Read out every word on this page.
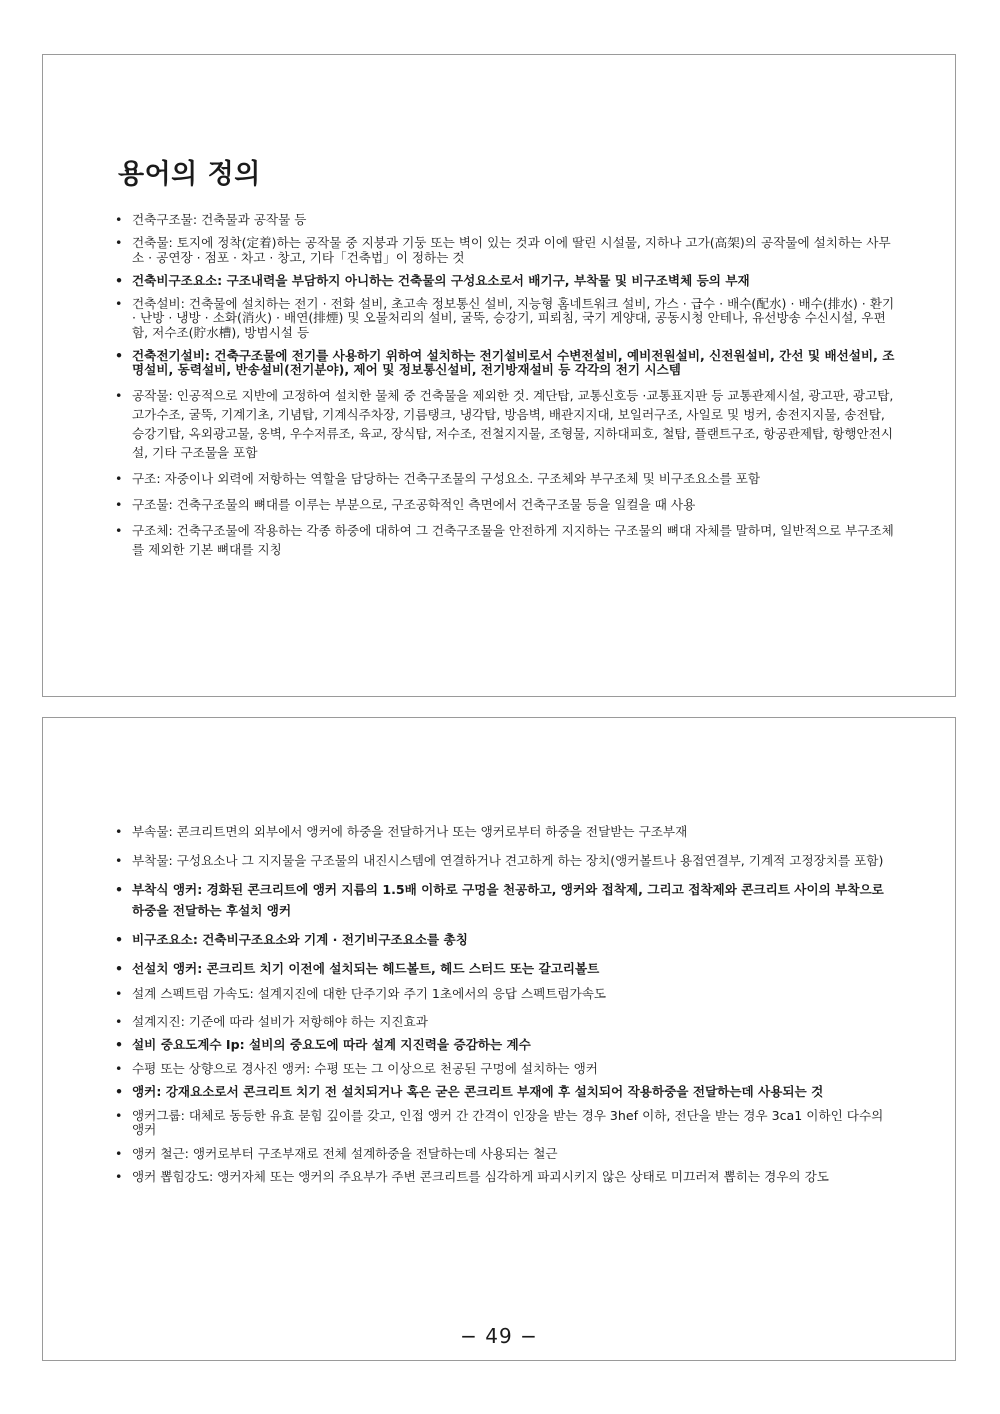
용어의 정의
• 건축구조물: 건축물과 공작물 등
• 건축물: 토지에 정착(定着)하는 공작물 중 지붕과 기둥 또는 벽이 있는 것과 이에 딸린 시설물, 지하나 고가(高架)의 공작물에 설치하는 사무소 · 공연장 · 점포 · 차고 · 창고, 기타「건축법」이 정하는 것
• 건축비구조요소: 구조내력을 부담하지 아니하는 건축물의 구성요소로서 배기구, 부착물 및 비구조벽체 등의 부재
• 건축설비: 건축물에 설치하는 전기 · 전화 설비, 초고속 정보통신 설비, 지능형 홈네트워크 설비, 가스 · 급수 · 배수(配水) · 배수(排水) · 환기 · 난방 · 냉방 · 소화(消火) · 배연(排煙) 및 오물처리의 설비, 굴뚝, 승강기, 피뢰침, 국기 게양대, 공동시청 안테나, 유선방송 수신시설, 우편함, 저수조(貯水槽), 방범시설 등
• 건축전기설비: 건축구조물에 전기를 사용하기 위하여 설치하는 전기설비로서 수변전설비, 예비전원설비, 신전원설비, 간선 및 배선설비, 조명설비, 동력설비, 반송설비(전기분야), 제어 및 정보통신설비, 전기방재설비 등 각각의 전기 시스템
• 공작물: 인공적으로 지반에 고정하여 설치한 물체 중 건축물을 제외한 것. 계단탑, 교통신호등 ·교통표지판 등 교통관제시설, 광고판, 광고탑, 고가수조, 굴뚝, 기계기초, 기념탑, 기계식주차장, 기름탱크, 냉각탑, 방음벽, 배관지지대, 보일러구조, 사일로 및 벙커, 송전지지물, 송전탑, 승강기탑, 옥외광고물, 옹벽, 우수저류조, 육교, 장식탑, 저수조, 전철지지물, 조형물, 지하대피호, 철탑, 플랜트구조, 항공관제탑, 항행안전시설, 기타 구조물을 포함
• 구조: 자중이나 외력에 저항하는 역할을 담당하는 건축구조물의 구성요소. 구조체와 부구조체 및 비구조요소를 포함
• 구조물: 건축구조물의 뼈대를 이루는 부분으로, 구조공학적인 측면에서 건축구조물 등을 일컬을 때 사용
• 구조체: 건축구조물에 작용하는 각종 하중에 대하여 그 건축구조물을 안전하게 지지하는 구조물의 뼈대 자체를 말하며, 일반적으로 부구조체를 제외한 기본 뼈대를 지칭
• 부속물: 콘크리트면의 외부에서 앵커에 하중을 전달하거나 또는 앵커로부터 하중을 전달받는 구조부재
• 부착물: 구성요소나 그 지지물을 구조물의 내진시스템에 연결하거나 견고하게 하는 장치(앵커볼트나 용접연결부, 기계적 고정장치를 포함)
• 부착식 앵커: 경화된 콘크리트에 앵커 지름의 1.5배 이하로 구멍을 천공하고, 앵커와 접착제, 그리고 접착제와 콘크리트 사이의 부착으로 하중을 전달하는 후설치 앵커
• 비구조요소: 건축비구조요소와 기계 · 전기비구조요소를 총칭
• 선설치 앵커: 콘크리트 치기 이전에 설치되는 헤드볼트, 헤드 스터드 또는 갈고리볼트
• 설계 스펙트럼 가속도: 설계지진에 대한 단주기와 주기 1초에서의 응답 스펙트럼가속도
• 설계지진: 기준에 따라 설비가 저항해야 하는 지진효과
• 설비 중요도계수 Ip: 설비의 중요도에 따라 설계 지진력을 증감하는 계수
• 수평 또는 상향으로 경사진 앵커: 수평 또는 그 이상으로 천공된 구멍에 설치하는 앵커
• 앵커: 강재요소로서 콘크리트 치기 전 설치되거나 혹은 굳은 콘크리트 부재에 후 설치되어 작용하중을 전달하는데 사용되는 것
• 앵커그룹: 대체로 동등한 유효 묻힘 깊이를 갖고, 인접 앵커 간 간격이 인장을 받는 경우 3hef 이하, 전단을 받는 경우 3ca1 이하인 다수의 앵커
• 앵커 철근: 앵커로부터 구조부재로 전체 설계하중을 전달하는데 사용되는 철근
• 앵커 뽑힘강도: 앵커자체 또는 앵커의 주요부가 주변 콘크리트를 심각하게 파괴시키지 않은 상태로 미끄러져 뽑히는 경우의 강도
− 49 −
